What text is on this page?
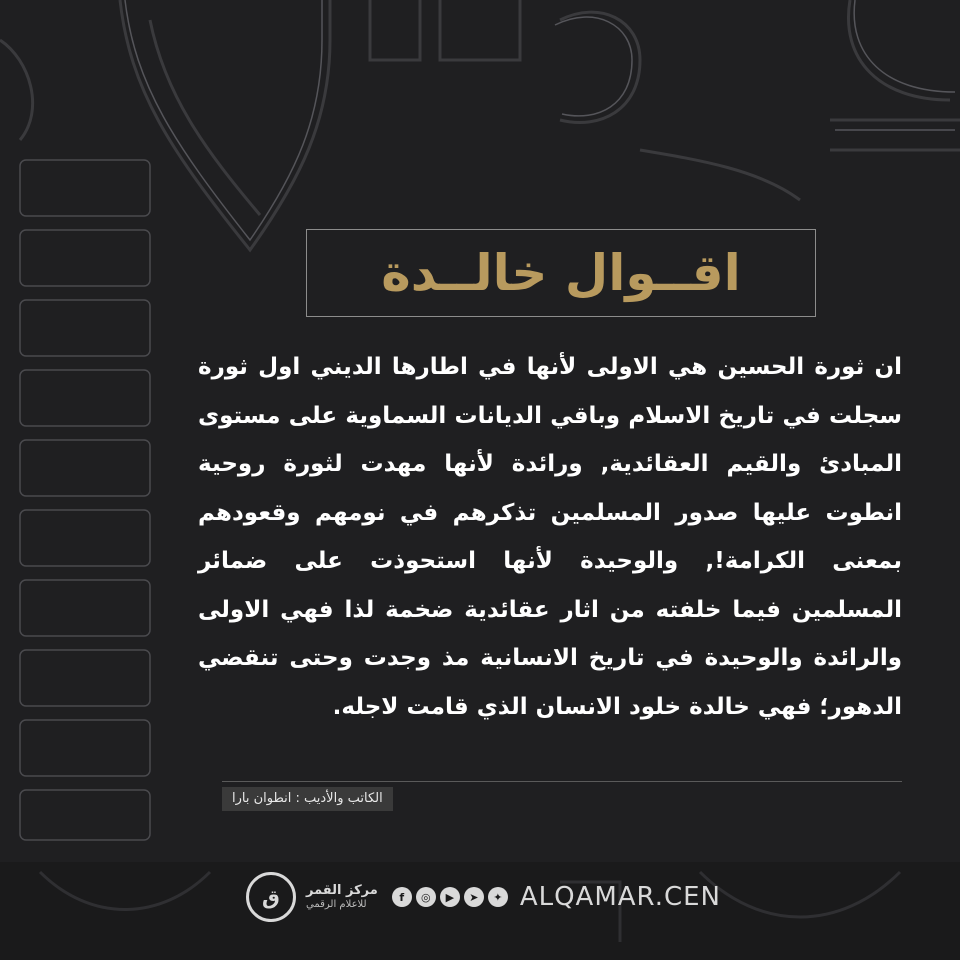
اقــوال خالــدة

ان ثورة الحسين هي الاولى لأنها في اطارها الديني اول ثورة سجلت في تاريخ الاسلام وباقي الديانات السماوية على مستوى المبادئ والقيم العقائدية, ورائدة لأنها مهدت لثورة روحية انطوت عليها صدور المسلمين تذكرهم في نومهم وقعودهم بمعنى الكرامة!, والوحيدة لأنها استحوذت على ضمائر المسلمين فيما خلفته من اثار عقائدية ضخمة لذا فهي الاولى والرائدة والوحيدة في تاريخ الانسانية مذ وجدت وحتى تنقضي الدهور؛ فهي خالدة خلود الانسان الذي قامت لاجله.

الكاتب والأديب : انطوان بارا
ق مركز القمر
للاعلام الرقمي
f	◎	▶	➤	✦ ALQAMAR.CEN
